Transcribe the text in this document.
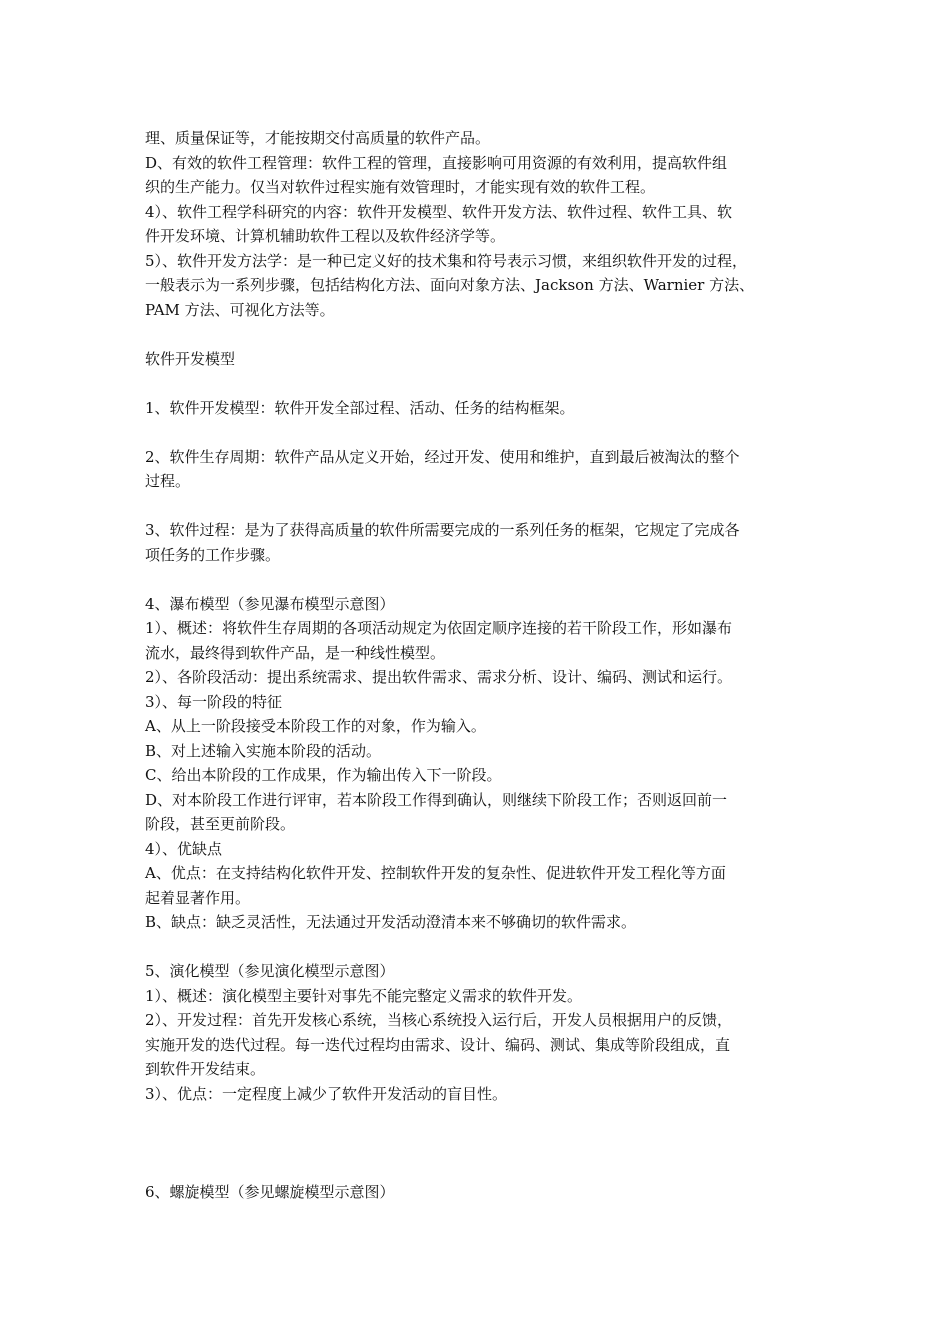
理、质量保证等，才能按期交付高质量的软件产品。
D、有效的软件工程管理：软件工程的管理，直接影响可用资源的有效利用，提高软件组
织的生产能力。仅当对软件过程实施有效管理时，才能实现有效的软件工程。
4）、软件工程学科研究的内容：软件开发模型、软件开发方法、软件过程、软件工具、软
件开发环境、计算机辅助软件工程以及软件经济学等。
5）、软件开发方法学：是一种已定义好的技术集和符号表示习惯，来组织软件开发的过程，
一般表示为一系列步骤，包括结构化方法、面向对象方法、Jackson 方法、Warnier 方法、
PAM 方法、可视化方法等。
软件开发模型
1、软件开发模型：软件开发全部过程、活动、任务的结构框架。
2、软件生存周期：软件产品从定义开始，经过开发、使用和维护，直到最后被淘汰的整个
过程。
3、软件过程：是为了获得高质量的软件所需要完成的一系列任务的框架，它规定了完成各
项任务的工作步骤。
4、瀑布模型（参见瀑布模型示意图）
1）、概述：将软件生存周期的各项活动规定为依固定顺序连接的若干阶段工作，形如瀑布
流水，最终得到软件产品，是一种线性模型。
2）、各阶段活动：提出系统需求、提出软件需求、需求分析、设计、编码、测试和运行。
3）、每一阶段的特征
A、从上一阶段接受本阶段工作的对象，作为输入。
B、对上述输入实施本阶段的活动。
C、给出本阶段的工作成果，作为输出传入下一阶段。
D、对本阶段工作进行评审，若本阶段工作得到确认，则继续下阶段工作；否则返回前一
阶段，甚至更前阶段。
4）、优缺点
A、优点：在支持结构化软件开发、控制软件开发的复杂性、促进软件开发工程化等方面
起着显著作用。
B、缺点：缺乏灵活性，无法通过开发活动澄清本来不够确切的软件需求。
5、演化模型（参见演化模型示意图）
1）、概述：演化模型主要针对事先不能完整定义需求的软件开发。
2）、开发过程：首先开发核心系统，当核心系统投入运行后，开发人员根据用户的反馈，
实施开发的迭代过程。每一迭代过程均由需求、设计、编码、测试、集成等阶段组成，直
到软件开发结束。
3）、优点：一定程度上减少了软件开发活动的盲目性。
6、螺旋模型（参见螺旋模型示意图）
